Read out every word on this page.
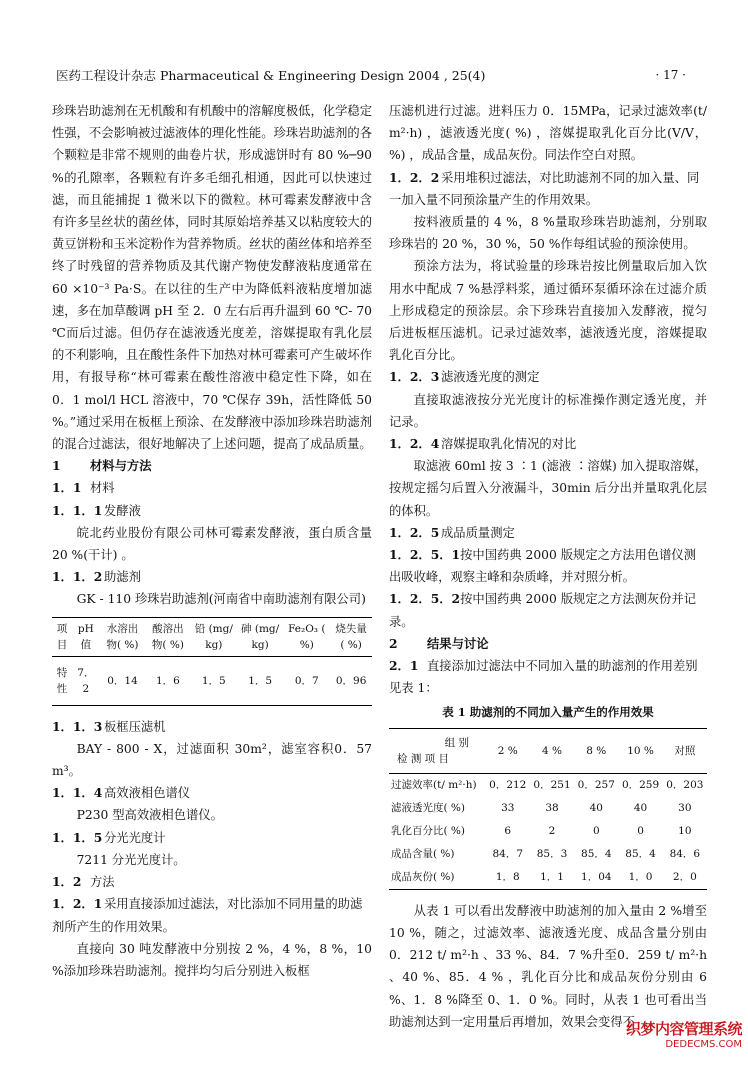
医药工程设计杂志 Pharmaceutical & Engineering Design 2004 , 25(4)	· 17 ·

珍珠岩助滤剂在无机酸和有机酸中的溶解度极低，化学稳定性强，不会影响被过滤液体的理化性能。珍珠岩助滤剂的各个颗粒是非常不规则的曲卷片状，形成滤饼时有 80 %─90 %的孔隙率，各颗粒有许多毛细孔相通，因此可以快速过滤，而且能捕捉 1 微米以下的微粒。林可霉素发酵液中含有许多呈丝状的菌丝体，同时其原始培养基又以粘度较大的黄豆饼粉和玉米淀粉作为营养物质。丝状的菌丝体和培养至终了时残留的营养物质及其代谢产物使发酵液粘度通常在 60 ×10⁻³ Pa·S。在以往的生产中为降低料液粘度增加滤速，多在加草酸调 pH 至 2．0 左右后再升温到 60 ℃- 70 ℃而后过滤。但仍存在滤液透光度差，溶媒提取有乳化层的不利影响，且在酸性条件下加热对林可霉素可产生破坏作用，有报导称“林可霉素在酸性溶液中稳定性下降，如在0．1 mol/l HCL 溶液中，70 ℃保存 39h，活性降低 50 %。”通过采用在板框上预涂、在发酵液中添加珍珠岩助滤剂的混合过滤法，很好地解决了上述问题，提高了成品质量。

1 材料与方法

1．1 材料

1．1．1 发酵液

皖北药业股份有限公司林可霉素发酵液，蛋白质含量 20 %(干计) 。

1．1．2 助滤剂

GK - 110 珍珠岩助滤剂(河南省中南助滤剂有限公司)

项目	pH 值	水溶出物( %)	酸溶出物( %)	铅 (mg/ kg)	砷 (mg/ kg)	Fe₂O₃ ( %)	烧失量 ( %)
特性	7．2	0．14	1．6	1．5	1．5	0．7	0．96

1．1．3 板框压滤机

BAY - 800 - X，过滤面积 30m²，滤室容积0．57 m³。

1．1．4 高效液相色谱仪

P230 型高效液相色谱仪。

1．1．5 分光光度计

7211 分光光度计。

1．2 方法

1．2．1 采用直接添加过滤法，对比添加不同用量的助滤剂所产生的作用效果。

直接向 30 吨发酵液中分别按 2 %，4 %，8 %，10 %添加珍珠岩助滤剂。搅拌均匀后分别进入板框

压滤机进行过滤。进料压力 0．15MPa，记录过滤效率(t/ m²·h) ，滤液透光度( %) ，溶媒提取乳化百分比(V/V，%) ，成品含量，成品灰份。同法作空白对照。

1．2．2 采用堆积过滤法，对比助滤剂不同的加入量、同一加入量不同预涂量产生的作用效果。

按料液质量的 4 %，8 %量取珍珠岩助滤剂，分别取珍珠岩的 20 %，30 %，50 %作每组试验的预涂使用。

预涂方法为，将试验量的珍珠岩按比例量取后加入饮用水中配成 7 %悬浮料浆，通过循环泵循环涂在过滤介质上形成稳定的预涂层。余下珍珠岩直接加入发酵液，搅匀后进板框压滤机。记录过滤效率，滤液透光度，溶媒提取乳化百分比。

1．2．3 滤液透光度的测定

直接取滤液按分光光度计的标准操作测定透光度，并记录。

1．2．4 溶媒提取乳化情况的对比

取滤液 60ml 按 3 ∶1 (滤液 ∶溶媒) 加入提取溶媒，按规定摇匀后置入分液漏斗，30min 后分出并量取乳化层的体积。

1．2．5 成品质量测定

1．2．5．1按中国药典 2000 版规定之方法用色谱仪测出吸收峰，观察主峰和杂质峰，并对照分析。

1．2．5．2按中国药典 2000 版规定之方法测灰份并记录。

2 结果与讨论

2．1 直接添加过滤法中不同加入量的助滤剂的作用差别见表 1：

表 1 助滤剂的不同加入量产生的作用效果
组 别
检 测 项 目	2 %	4 %	8 %	10 %	对照
过滤效率(t/ m²·h)	0．212	0．251	0．257	0．259	0．203
滤液透光度( %)	33	38	40	40	30
乳化百分比( %)	6	2	0	0	10
成品含量( %)	84．7	85．3	85．4	85．4	84．6
成品灰份( %)	1．8	1．1	1．04	1．0	2．0

从表 1 可以看出发酵液中助滤剂的加入量由 2 %增至 10 %，随之，过滤效率、滤液透光度、成品含量分别由 0．212 t/ m²·h 、33 %、84．7 %升至0．259 t/ m²·h 、40 %、85．4 % ，乳化百分比和成品灰份分别由 6 %、1．8 %降至 0、1．0 %。同时，从表 1 也可看出当助滤剂达到一定用量后再增加，效果会变得不

织梦内容管理系统
DEDECMS.COM
